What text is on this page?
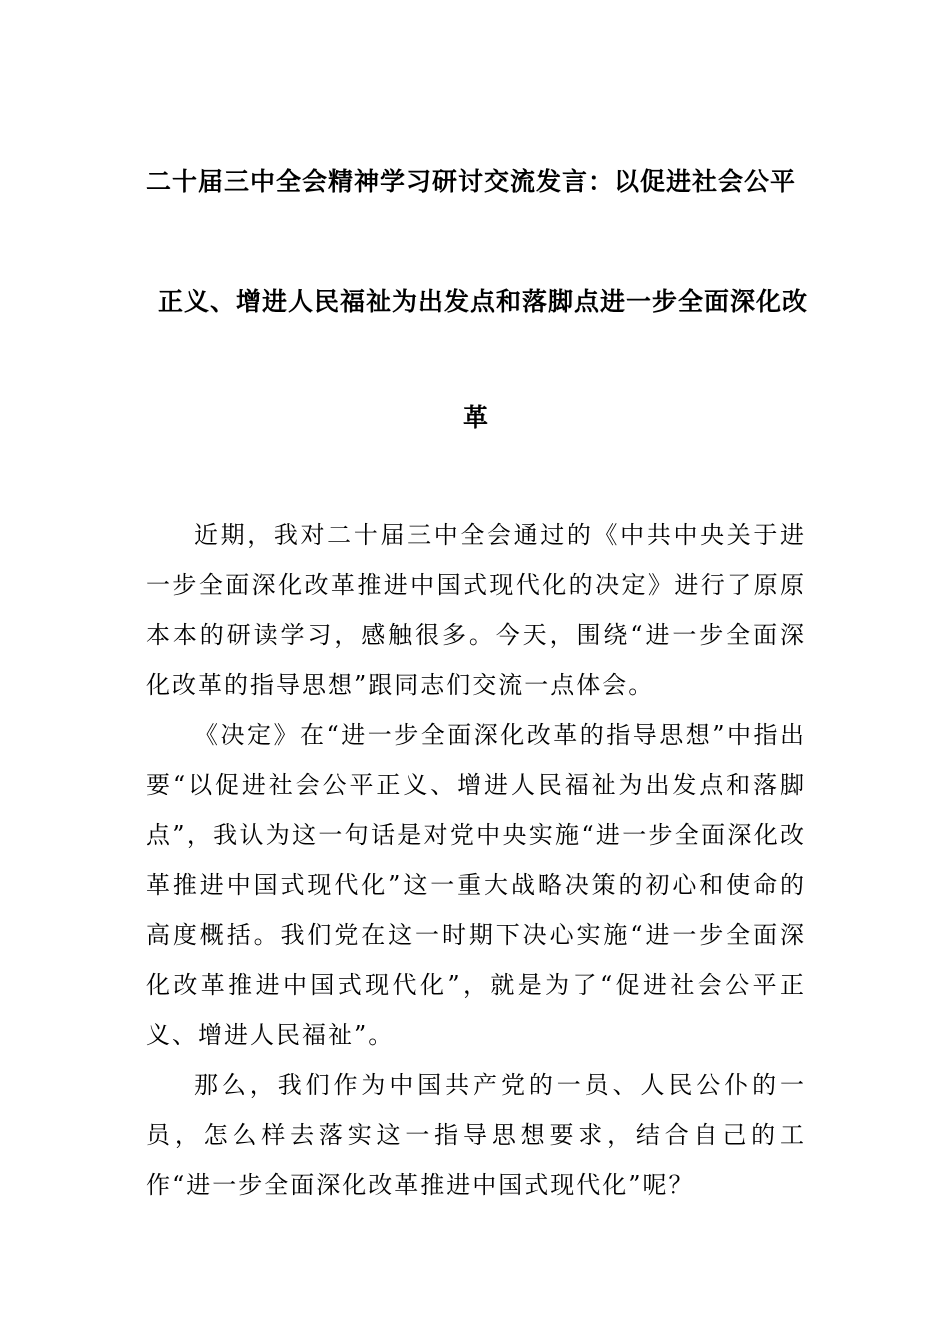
二十届三中全会精神学习研讨交流发言：以促进社会公平
正义、增进人民福祉为出发点和落脚点进一步全面深化改
革

近期，我对二十届三中全会通过的《中共中央关于进一步全面深化改革推进中国式现代化的决定》进行了原原本本的研读学习，感触很多。今天，围绕“进一步全面深化改革的指导思想”跟同志们交流一点体会。

《决定》在“进一步全面深化改革的指导思想”中指出要“以促进社会公平正义、增进人民福祉为出发点和落脚点”，我认为这一句话是对党中央实施“进一步全面深化改革推进中国式现代化”这一重大战略决策的初心和使命的高度概括。我们党在这一时期下决心实施“进一步全面深化改革推进中国式现代化”，就是为了“促进社会公平正义、增进人民福祉”。

那么，我们作为中国共产党的一员、人民公仆的一员，怎么样去落实这一指导思想要求，结合自己的工作“进一步全面深化改革推进中国式现代化”呢？
